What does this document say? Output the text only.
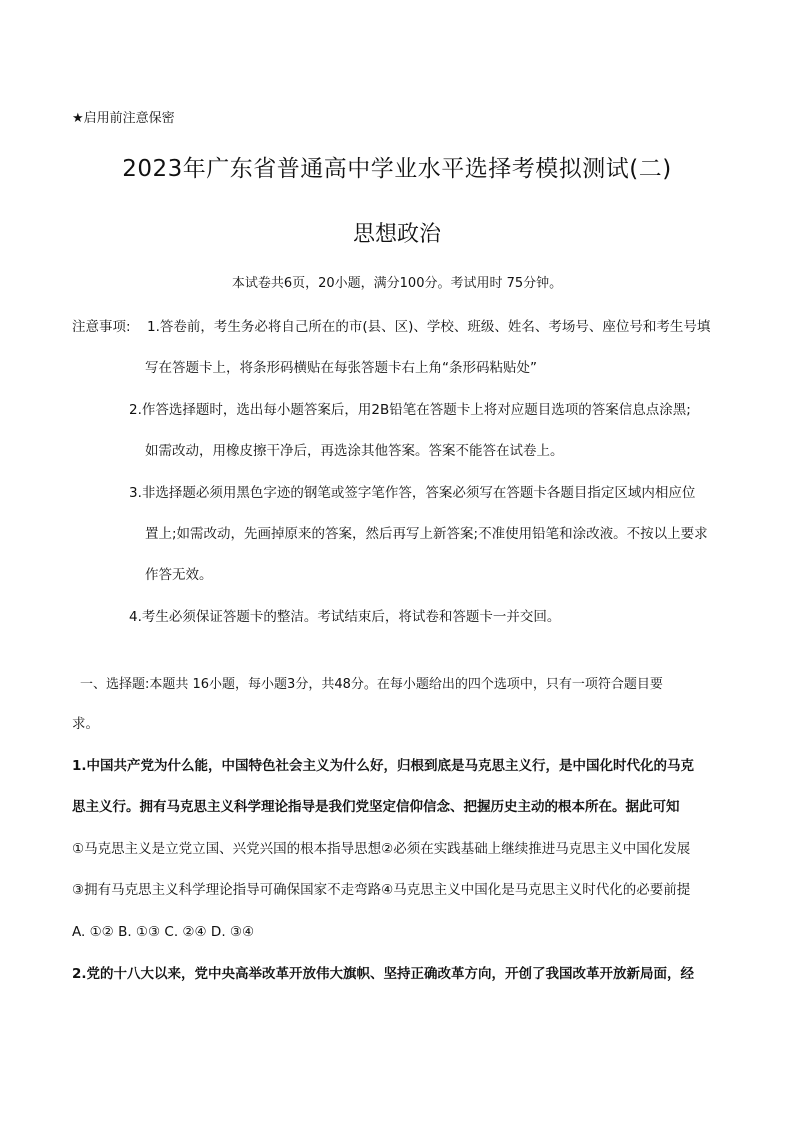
★启用前注意保密
2023年广东省普通高中学业水平选择考模拟测试(二)
思想政治
本试卷共6页，20小题，满分100分。考试用时 75分钟。
注意事项: 1.答卷前，考生务必将自己所在的市(县、区)、学校、班级、姓名、考场号、座位号和考生号填
写在答题卡上，将条形码横贴在每张答题卡右上角“条形码粘贴处”
2.作答选择题时，选出每小题答案后，用2B铅笔在答题卡上将对应题目选项的答案信息点涂黑;
如需改动，用橡皮擦干净后，再选涂其他答案。答案不能答在试卷上。
3.非选择题必须用黑色字迹的钢笔或签字笔作答，答案必须写在答题卡各题目指定区域内相应位
置上;如需改动，先画掉原来的答案，然后再写上新答案;不准使用铅笔和涂改液。不按以上要求
作答无效。
4.考生必须保证答题卡的整洁。考试结束后，将试卷和答题卡一并交回。
一、选择题:本题共 16小题，每小题3分，共48分。在每小题给出的四个选项中，只有一项符合题目要
求。
1.中国共产党为什么能，中国特色社会主义为什么好，归根到底是马克思主义行，是中国化时代化的马克
思主义行。拥有马克思主义科学理论指导是我们党坚定信仰信念、把握历史主动的根本所在。据此可知
①马克思主义是立党立国、兴党兴国的根本指导思想②必须在实践基础上继续推进马克思主义中国化发展
③拥有马克思主义科学理论指导可确保国家不走弯路④马克思主义中国化是马克思主义时代化的必要前提
A. ①② B. ①③ C. ②④ D. ③④
2.党的十八大以来，党中央高举改革开放伟大旗帜、坚持正确改革方向，开创了我国改革开放新局面，经
